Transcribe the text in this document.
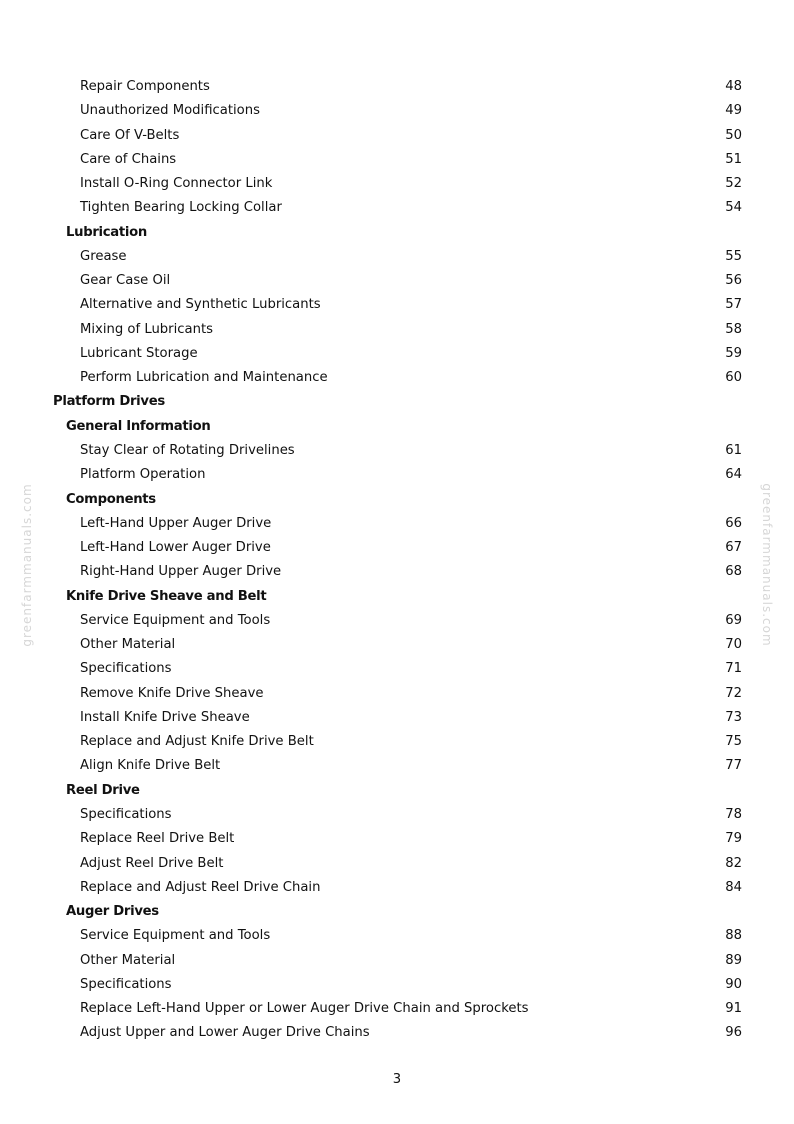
greenfarmmanuals.com	greenfarmmanuals.com
Repair Components	48
Unauthorized Modifications	49
Care Of V-Belts	50
Care of Chains	51
Install O-Ring Connector Link	52
Tighten Bearing Locking Collar	54
Lubrication
Grease	55
Gear Case Oil	56
Alternative and Synthetic Lubricants	57
Mixing of Lubricants	58
Lubricant Storage	59
Perform Lubrication and Maintenance	60
Platform Drives
General Information
Stay Clear of Rotating Drivelines	61
Platform Operation	64
Components
Left-Hand Upper Auger Drive	66
Left-Hand Lower Auger Drive	67
Right-Hand Upper Auger Drive	68
Knife Drive Sheave and Belt
Service Equipment and Tools	69
Other Material	70
Specifications	71
Remove Knife Drive Sheave	72
Install Knife Drive Sheave	73
Replace and Adjust Knife Drive Belt	75
Align Knife Drive Belt	77
Reel Drive
Specifications	78
Replace Reel Drive Belt	79
Adjust Reel Drive Belt	82
Replace and Adjust Reel Drive Chain	84
Auger Drives
Service Equipment and Tools	88
Other Material	89
Specifications	90
Replace Left-Hand Upper or Lower Auger Drive Chain and Sprockets	91
Adjust Upper and Lower Auger Drive Chains	96
3
